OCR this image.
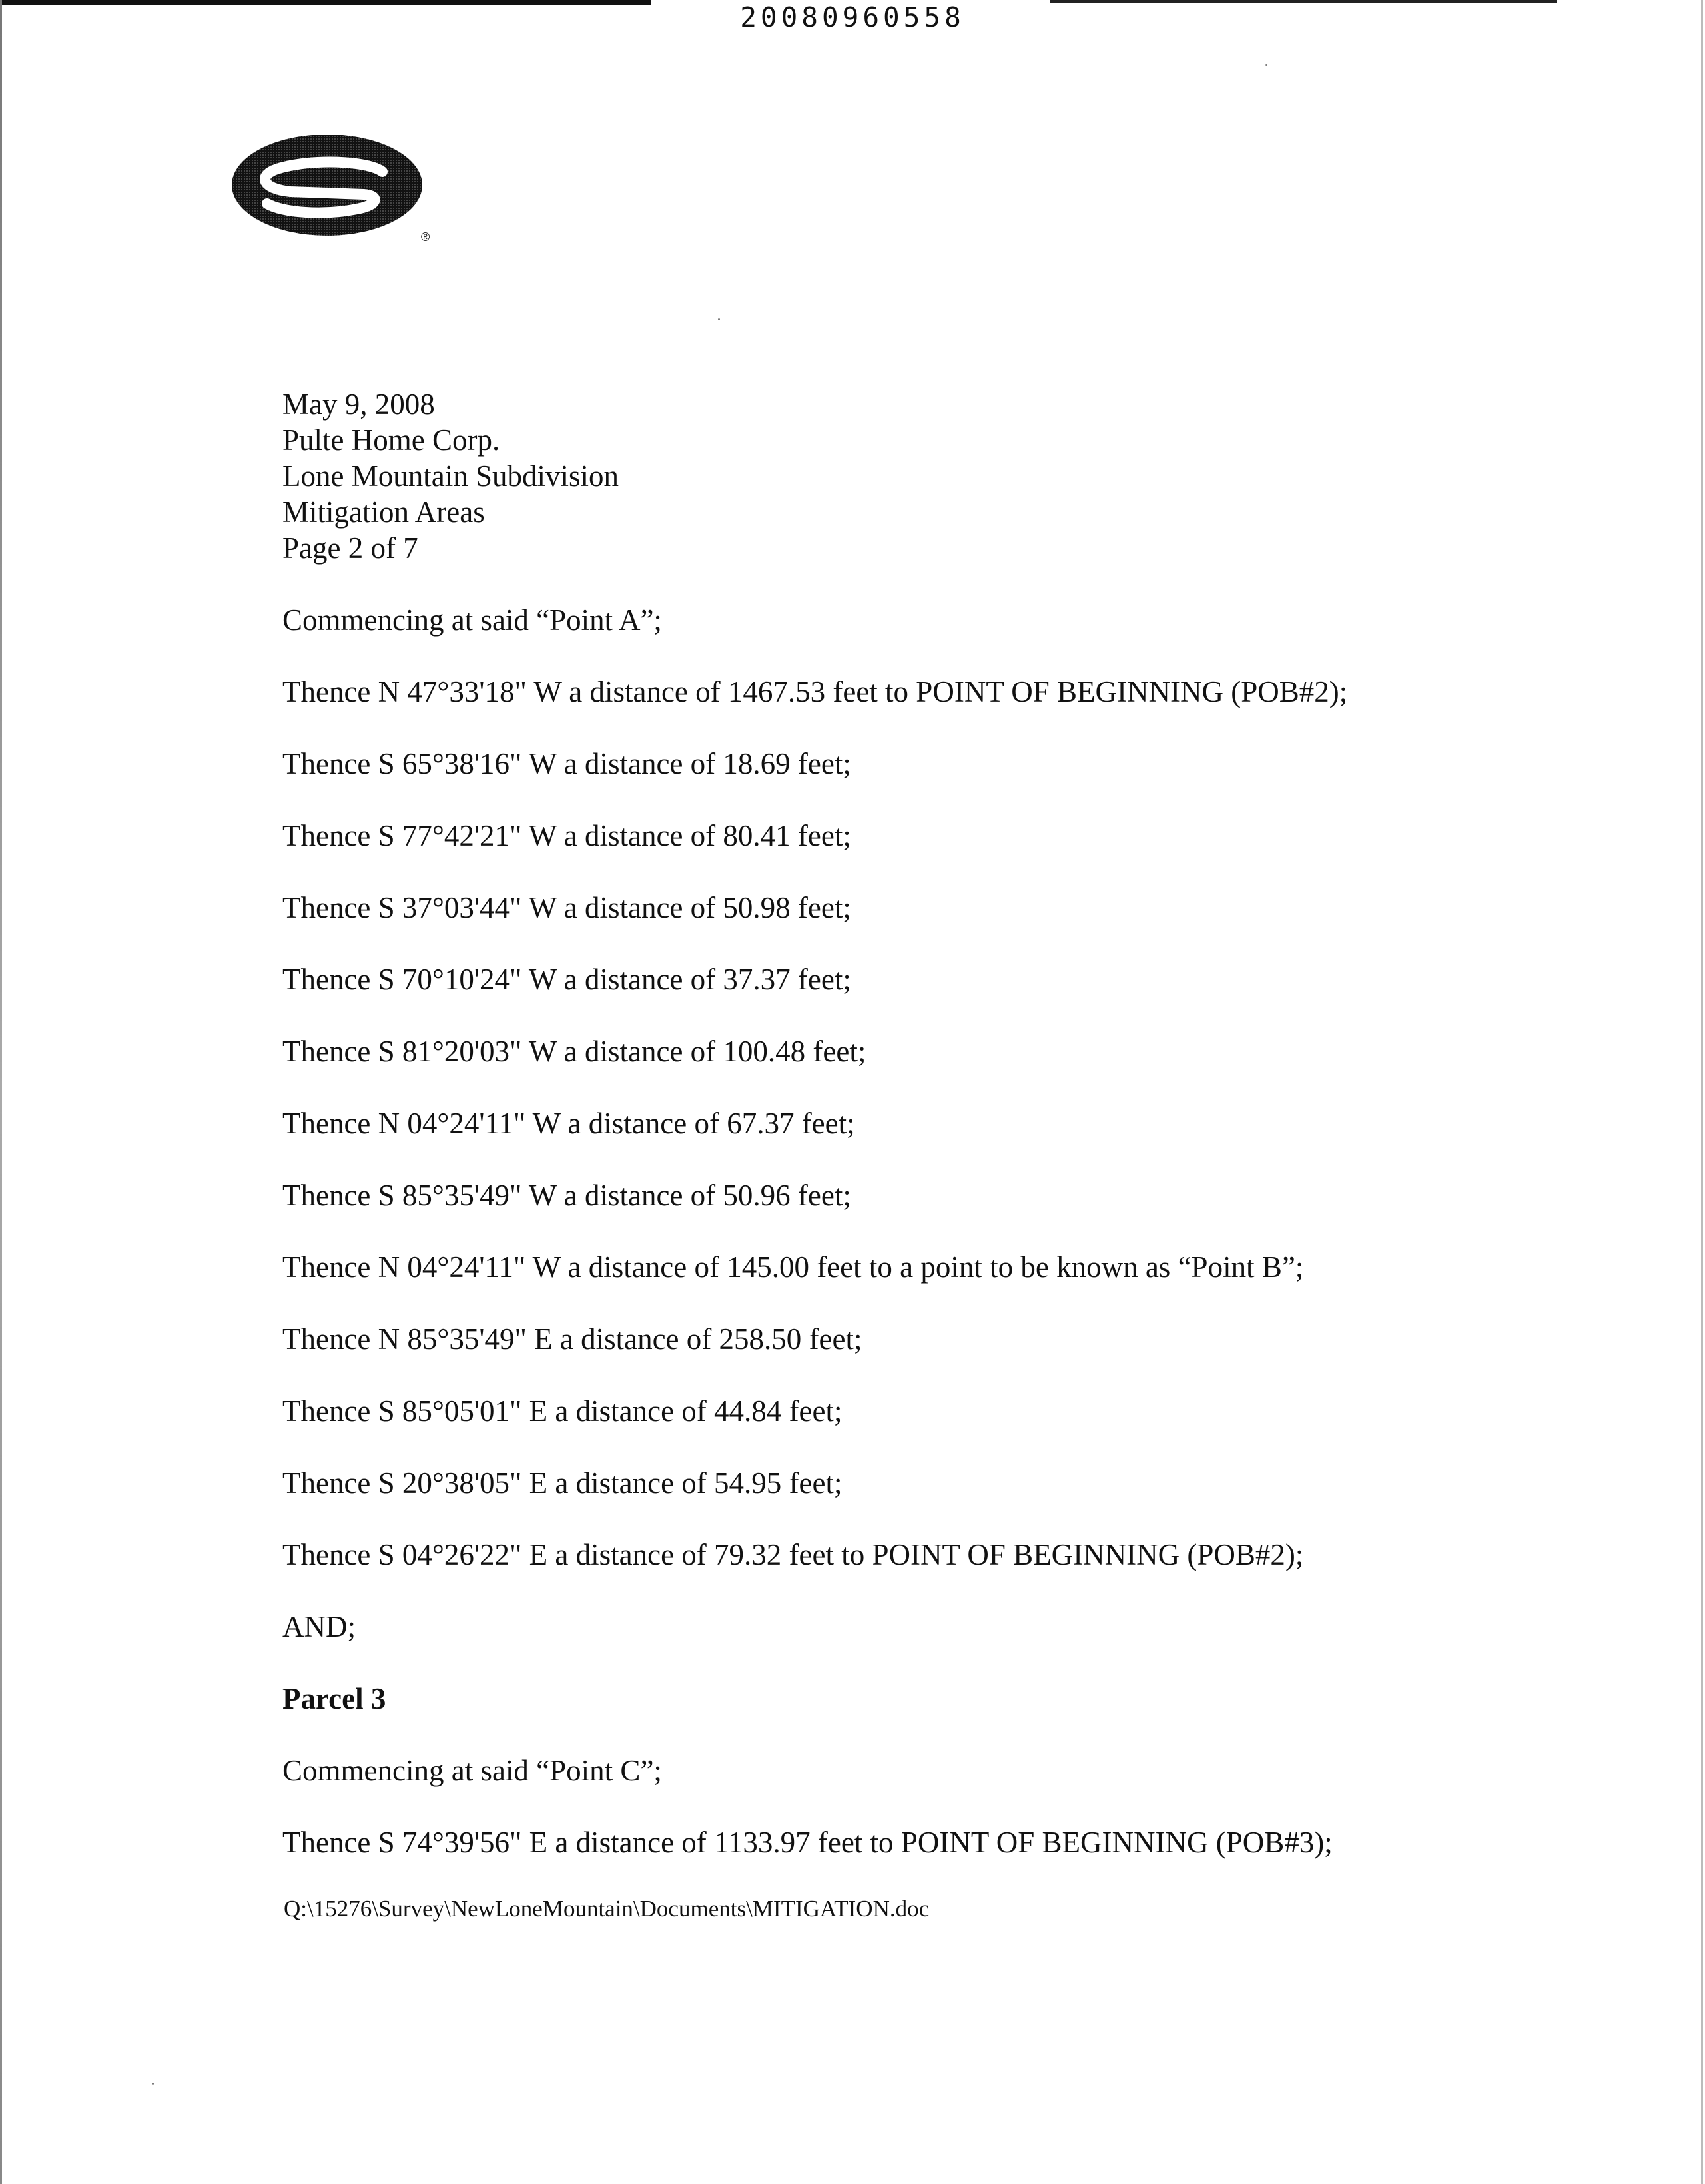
20080960558
®

May 9, 2008

Pulte Home Corp.

Lone Mountain Subdivision

Mitigation Areas

Page 2 of 7

Commencing at said “Point A”;

Thence N 47°33'18" W a distance of 1467.53 feet to POINT OF BEGINNING (POB#2);

Thence S 65°38'16" W a distance of 18.69 feet;

Thence S 77°42'21" W a distance of 80.41 feet;

Thence S 37°03'44" W a distance of 50.98 feet;

Thence S 70°10'24" W a distance of 37.37 feet;

Thence S 81°20'03" W a distance of 100.48 feet;

Thence N 04°24'11" W a distance of 67.37 feet;

Thence S 85°35'49" W a distance of 50.96 feet;

Thence N 04°24'11" W a distance of 145.00 feet to a point to be known as “Point B”;

Thence N 85°35'49" E a distance of 258.50 feet;

Thence S 85°05'01" E a distance of 44.84 feet;

Thence S 20°38'05" E a distance of 54.95 feet;

Thence S 04°26'22" E a distance of 79.32 feet to POINT OF BEGINNING (POB#2);

AND;

Parcel 3

Commencing at said “Point C”;

Thence S 74°39'56" E a distance of 1133.97 feet to POINT OF BEGINNING (POB#3);

Q:\15276\Survey\NewLoneMountain\Documents\MITIGATION.doc
